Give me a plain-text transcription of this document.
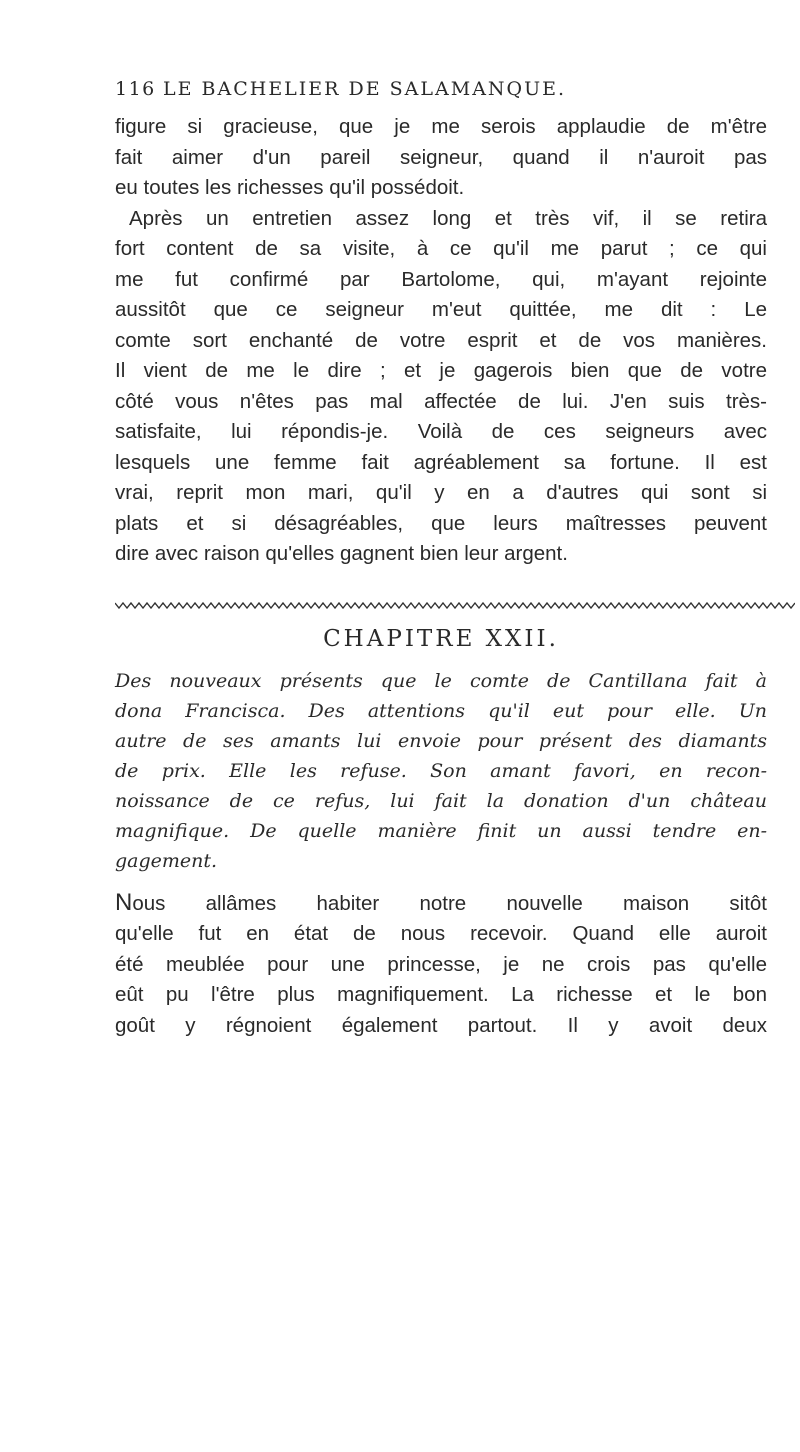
116 LE BACHELIER DE SALAMANQUE.
figure si gracieuse, que je me serois applaudie de m'être
fait aimer d'un pareil seigneur, quand il n'auroit pas
eu toutes les richesses qu'il possédoit.
Après un entretien assez long et très vif, il se retira
fort content de sa visite, à ce qu'il me parut ; ce qui
me fut confirmé par Bartolome, qui, m'ayant rejointe
aussitôt que ce seigneur m'eut quittée, me dit : Le
comte sort enchanté de votre esprit et de vos manières.
Il vient de me le dire ; et je gagerois bien que de votre
côté vous n'êtes pas mal affectée de lui. J'en suis très-
satisfaite, lui répondis-je. Voilà de ces seigneurs avec
lesquels une femme fait agréablement sa fortune. Il est
vrai, reprit mon mari, qu'il y en a d'autres qui sont si
plats et si désagréables, que leurs maîtresses peuvent
dire avec raison qu'elles gagnent bien leur argent.
CHAPITRE XXII.
Des nouveaux présents que le comte de Cantillana fait à
dona Francisca. Des attentions qu'il eut pour elle. Un
autre de ses amants lui envoie pour présent des diamants
de prix. Elle les refuse. Son amant favori, en recon-
noissance de ce refus, lui fait la donation d'un château
magnifique. De quelle manière finit un aussi tendre en-
gagement.
Nous allâmes habiter notre nouvelle maison sitôt
qu'elle fut en état de nous recevoir. Quand elle auroit
été meublée pour une princesse, je ne crois pas qu'elle
eût pu l'être plus magnifiquement. La richesse et le bon
goût y régnoient également partout. Il y avoit deux
